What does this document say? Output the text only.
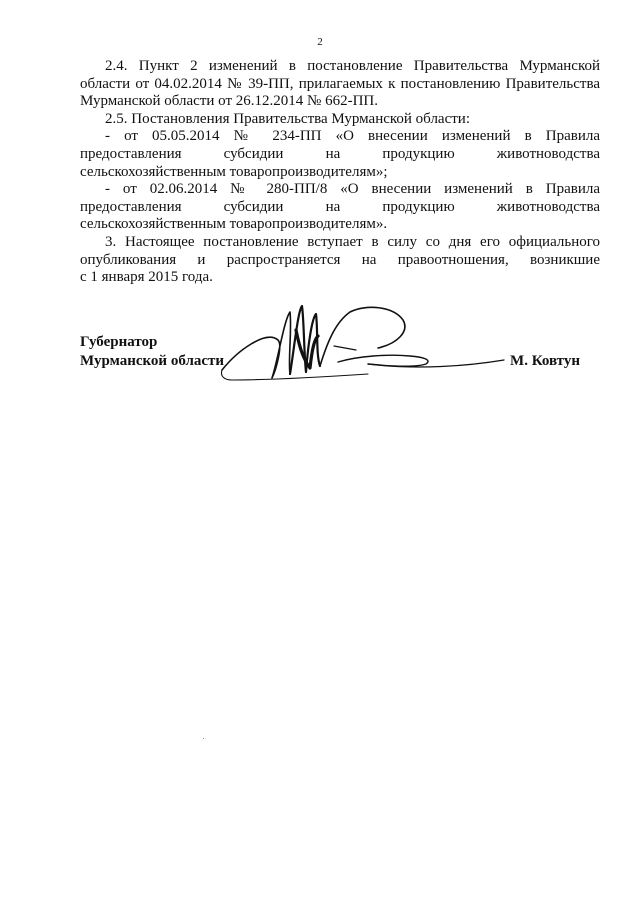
2
2.4. Пункт 2 изменений в постановление Правительства Мурманской
области от 04.02.2014 № 39-ПП, прилагаемых к постановлению Правительства
Мурманской области от 26.12.2014 № 662-ПП.
2.5. Постановления Правительства Мурманской области:
- от 05.05.2014 № 234-ПП «О внесении изменений в Правила
предоставления субсидии на продукцию животноводства
сельскохозяйственным товаропроизводителям»;
- от 02.06.2014 № 280-ПП/8 «О внесении изменений в Правила
предоставления субсидии на продукцию животноводства
сельскохозяйственным товаропроизводителям».
3. Настоящее постановление вступает в силу со дня его официального
опубликования и распространяется на правоотношения, возникшие
с 1 января 2015 года.
Губернатор
Мурманской области	М. Ковтун
